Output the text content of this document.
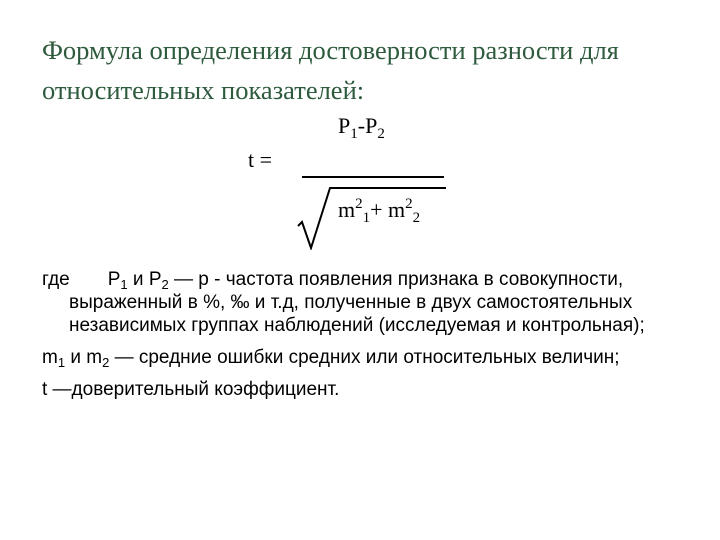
Формула определения достоверности разности для относительных показателей:
t =
$P_1-P_2$
$m^2_1+ m^2_2$
где $Р_1$ и $Р_2$ — р - частота появления признака в совокупности, выраженный в %, ‰ и т.д, полученные в двух самостоятельных независимых группах наблюдений (исследуемая и контрольная);
$m_1$ и $m_2$ — средние ошибки средних или относительных величин;
t —доверительный коэффициент.
